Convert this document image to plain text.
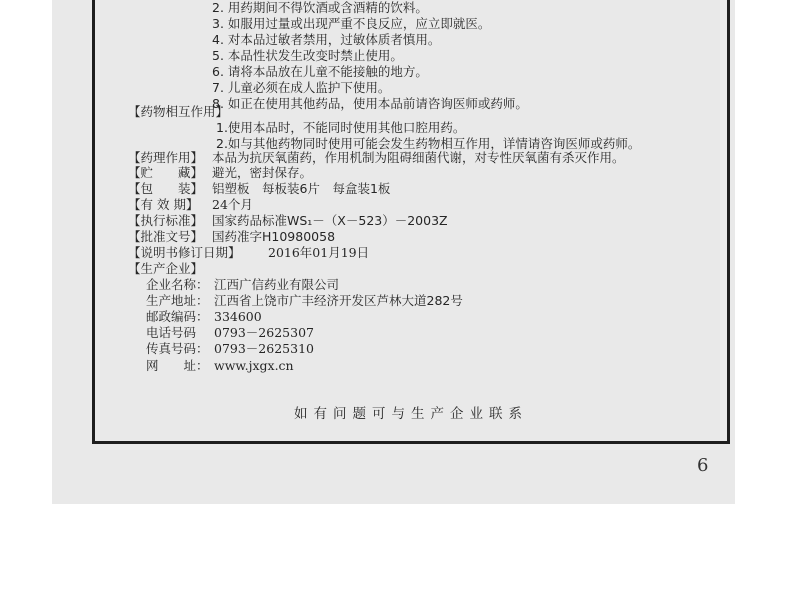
2. 用药期间不得饮酒或含酒精的饮料。
3. 如服用过量或出现严重不良反应，应立即就医。
4. 对本品过敏者禁用，过敏体质者慎用。
5. 本品性状发生改变时禁止使用。
6. 请将本品放在儿童不能接触的地方。
7. 儿童必须在成人监护下使用。
8. 如正在使用其他药品，使用本品前请咨询医师或药师。
【药物相互作用】
1.使用本品时，不能同时使用其他口腔用药。
2.如与其他药物同时使用可能会发生药物相互作用，详情请咨询医师或药师。
【药理作用】 本品为抗厌氧菌药，作用机制为阻碍细菌代谢，对专性厌氧菌有杀灭作用。
【贮　　藏】 避光，密封保存。
【包　　装】 铝塑板　每板装6片　每盒装1板
【有 效 期】 24个月
【执行标准】 国家药品标准WS₁－（X－523）－2003Z
【批准文号】 国药准字H10980058
【说明书修订日期】 2016年01月19日
【生产企业】
企业名称： 江西广信药业有限公司
生产地址： 江西省上饶市广丰经济开发区芦林大道282号
邮政编码： 334600
电话号码 0793－2625307
传真号码： 0793－2625310
网　　址： www.jxgx.cn
如有问题可与生产企业联系
6
